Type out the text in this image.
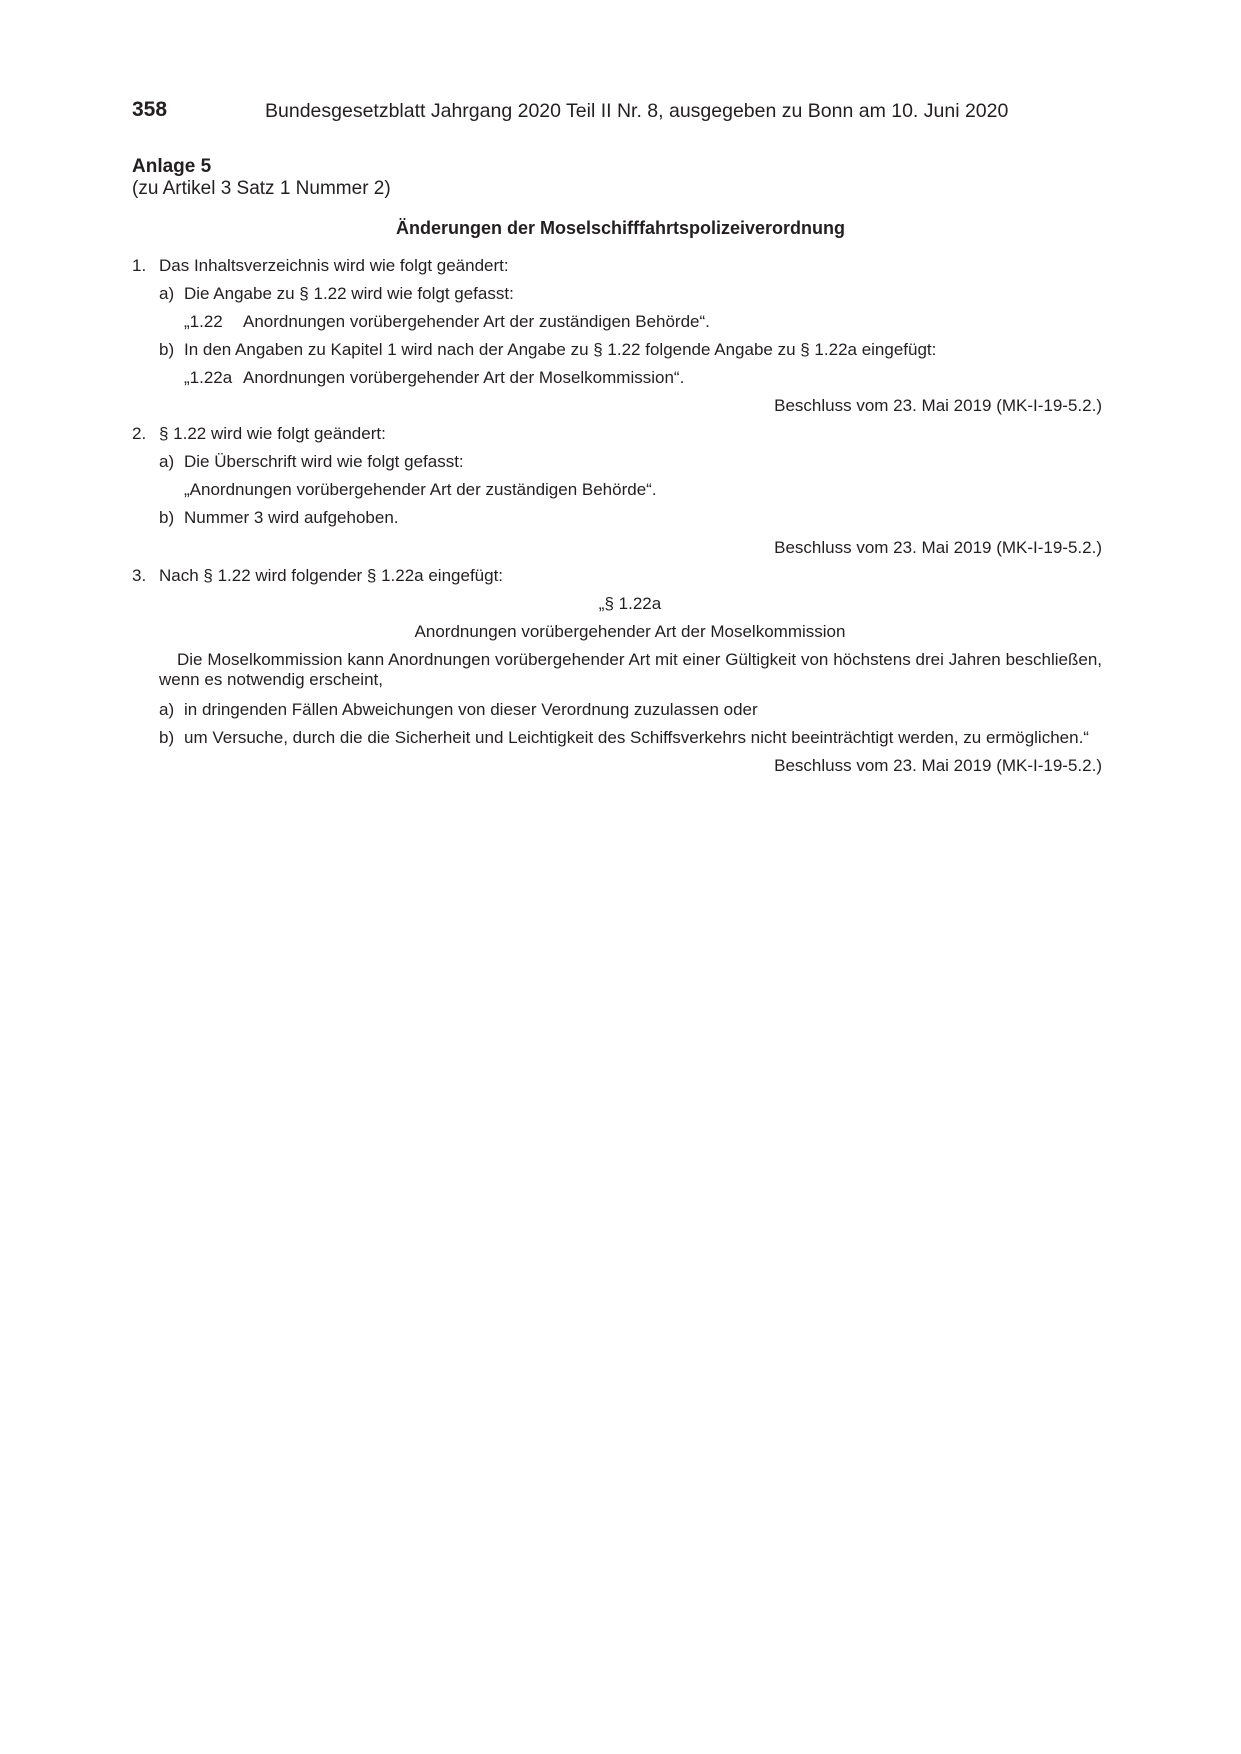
358	Bundesgesetzblatt Jahrgang 2020 Teil II Nr. 8, ausgegeben zu Bonn am 10. Juni 2020
Anlage 5
(zu Artikel 3 Satz 1 Nummer 2)
Änderungen der Moselschifffahrtspolizeiverordnung
1. Das Inhaltsverzeichnis wird wie folgt geändert:
a) Die Angabe zu § 1.22 wird wie folgt gefasst:
„1.22 Anordnungen vorübergehender Art der zuständigen Behörde“.
b) In den Angaben zu Kapitel 1 wird nach der Angabe zu § 1.22 folgende Angabe zu § 1.22a eingefügt:
„1.22a Anordnungen vorübergehender Art der Moselkommission“.
Beschluss vom 23. Mai 2019 (MK-I-19-5.2.)
2. § 1.22 wird wie folgt geändert:
a) Die Überschrift wird wie folgt gefasst:
„Anordnungen vorübergehender Art der zuständigen Behörde“.
b) Nummer 3 wird aufgehoben.
Beschluss vom 23. Mai 2019 (MK-I-19-5.2.)
3. Nach § 1.22 wird folgender § 1.22a eingefügt:
„§ 1.22a
Anordnungen vorübergehender Art der Moselkommission
Die Moselkommission kann Anordnungen vorübergehender Art mit einer Gültigkeit von höchstens drei Jahren beschließen, wenn es notwendig erscheint,
a) in dringenden Fällen Abweichungen von dieser Verordnung zuzulassen oder
b) um Versuche, durch die die Sicherheit und Leichtigkeit des Schiffsverkehrs nicht beeinträchtigt werden, zu ermöglichen.“
Beschluss vom 23. Mai 2019 (MK-I-19-5.2.)
